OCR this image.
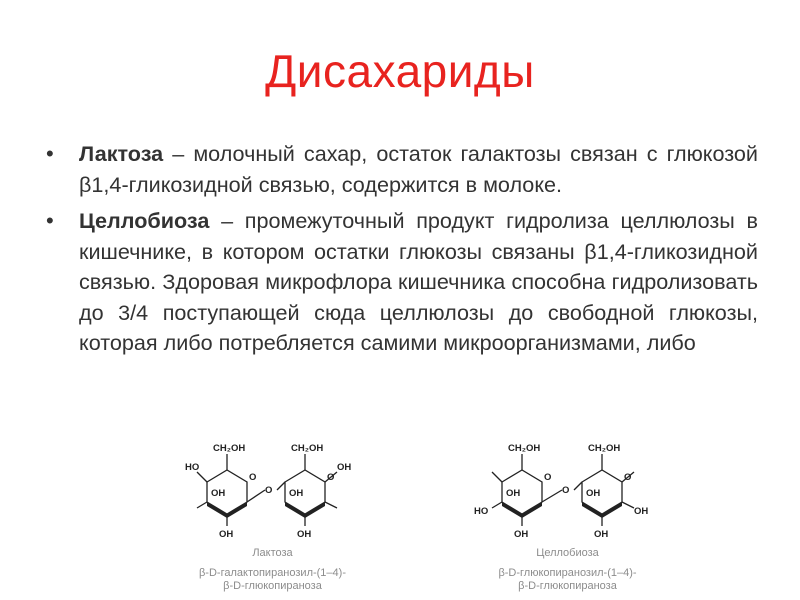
Дисахариды
• Лактоза – молочный сахар, остаток галактозы связан с глюкозой β1,4-гликозидной связью, содержится в молоке.
• Целлобиоза – промежуточный продукт гидролиза целлюлозы в кишечнике, в котором остатки глюкозы связаны β1,4-гликозидной связью. Здоровая микрофлора кишечника способна гидролизовать до 3/4 поступающей сюда целлюлозы до свободной глюкозы, которая либо потребляется самими микроорганизмами, либо
CH₂OH	CH₂OH
HO
O	O
O
OH	OH
OH
OH	OH
Лактоза
β-D-галактопиранозил-(1–4)-
β-D-глюкопираноза
CH₂OH	CH₂OH
OH
HO
O	O
O OH
OH
OH	OH
Целлобиоза
β-D-глюкопиранозил-(1–4)-
β-D-глюкопираноза
